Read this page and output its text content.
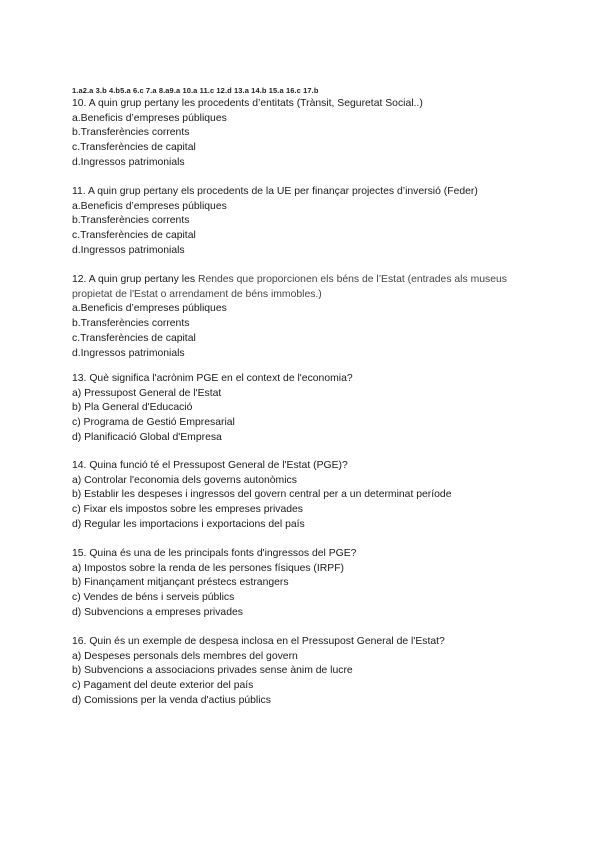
1.a2.a 3.b 4.b5.a 6.c 7.a 8.a9.a 10.a 11.c 12.d 13.a 14.b 15.a 16.c 17.b
10. A quin grup pertany les procedents d’entitats (Trànsit, Seguretat Social..)
a.Beneficis d’empreses públiques
b.Transferències corrents
c.Transferències de capital
d.Ingressos patrimonials
11. A quin grup pertany els procedents de la UE per finançar projectes d’inversió (Feder)
a.Beneficis d’empreses públiques
b.Transferències corrents
c.Transferències de capital
d.Ingressos patrimonials
12. A quin grup pertany les Rendes que proporcionen els béns de l’Estat (entrades als museus propietat de l'Estat o arrendament de béns immobles.)
a.Beneficis d’empreses públiques
b.Transferències corrents
c.Transferències de capital
d.Ingressos patrimonials
13. Què significa l'acrònim PGE en el context de l'economia?
a) Pressupost General de l'Estat
b) Pla General d'Educació
c) Programa de Gestió Empresarial
d) Planificació Global d'Empresa
14. Quina funció té el Pressupost General de l'Estat (PGE)?
a) Controlar l'economia dels governs autonòmics
b) Establir les despeses i ingressos del govern central per a un determinat període
c) Fixar els impostos sobre les empreses privades
d) Regular les importacions i exportacions del país
15. Quina és una de les principals fonts d'ingressos del PGE?
a) Impostos sobre la renda de les persones físiques (IRPF)
b) Finançament mitjançant préstecs estrangers
c) Vendes de béns i serveis públics
d) Subvencions a empreses privades
16. Quin és un exemple de despesa inclosa en el Pressupost General de l'Estat?
a) Despeses personals dels membres del govern
b) Subvencions a associacions privades sense ànim de lucre
c) Pagament del deute exterior del país
d) Comissions per la venda d'actius públics
